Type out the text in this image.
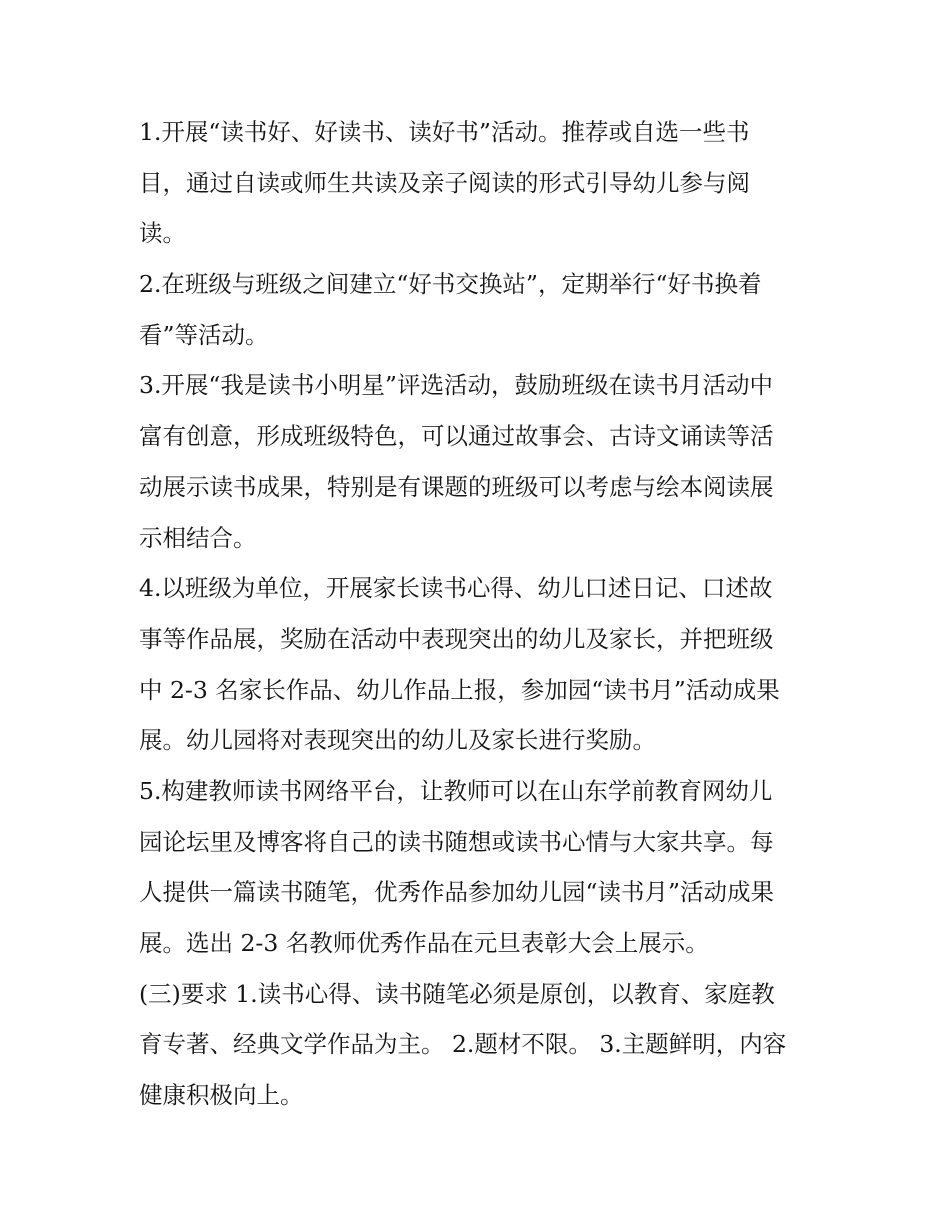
1.开展“读书好、好读书、读好书”活动。推荐或自选一些书

目，通过自读或师生共读及亲子阅读的形式引导幼儿参与阅

读。

2.在班级与班级之间建立“好书交换站”，定期举行“好书换着

看”等活动。

3.开展“我是读书小明星”评选活动，鼓励班级在读书月活动中

富有创意，形成班级特色，可以通过故事会、古诗文诵读等活

动展示读书成果，特别是有课题的班级可以考虑与绘本阅读展

示相结合。

4.以班级为单位，开展家长读书心得、幼儿口述日记、口述故

事等作品展，奖励在活动中表现突出的幼儿及家长，并把班级

中 2-3 名家长作品、幼儿作品上报，参加园“读书月”活动成果

展。幼儿园将对表现突出的幼儿及家长进行奖励。

5.构建教师读书网络平台，让教师可以在山东学前教育网幼儿

园论坛里及博客将自己的读书随想或读书心情与大家共享。每

人提供一篇读书随笔，优秀作品参加幼儿园“读书月”活动成果

展。选出 2-3 名教师优秀作品在元旦表彰大会上展示。

(三)要求 1.读书心得、读书随笔必须是原创，以教育、家庭教

育专著、经典文学作品为主。 2.题材不限。 3.主题鲜明，内容

健康积极向上。
